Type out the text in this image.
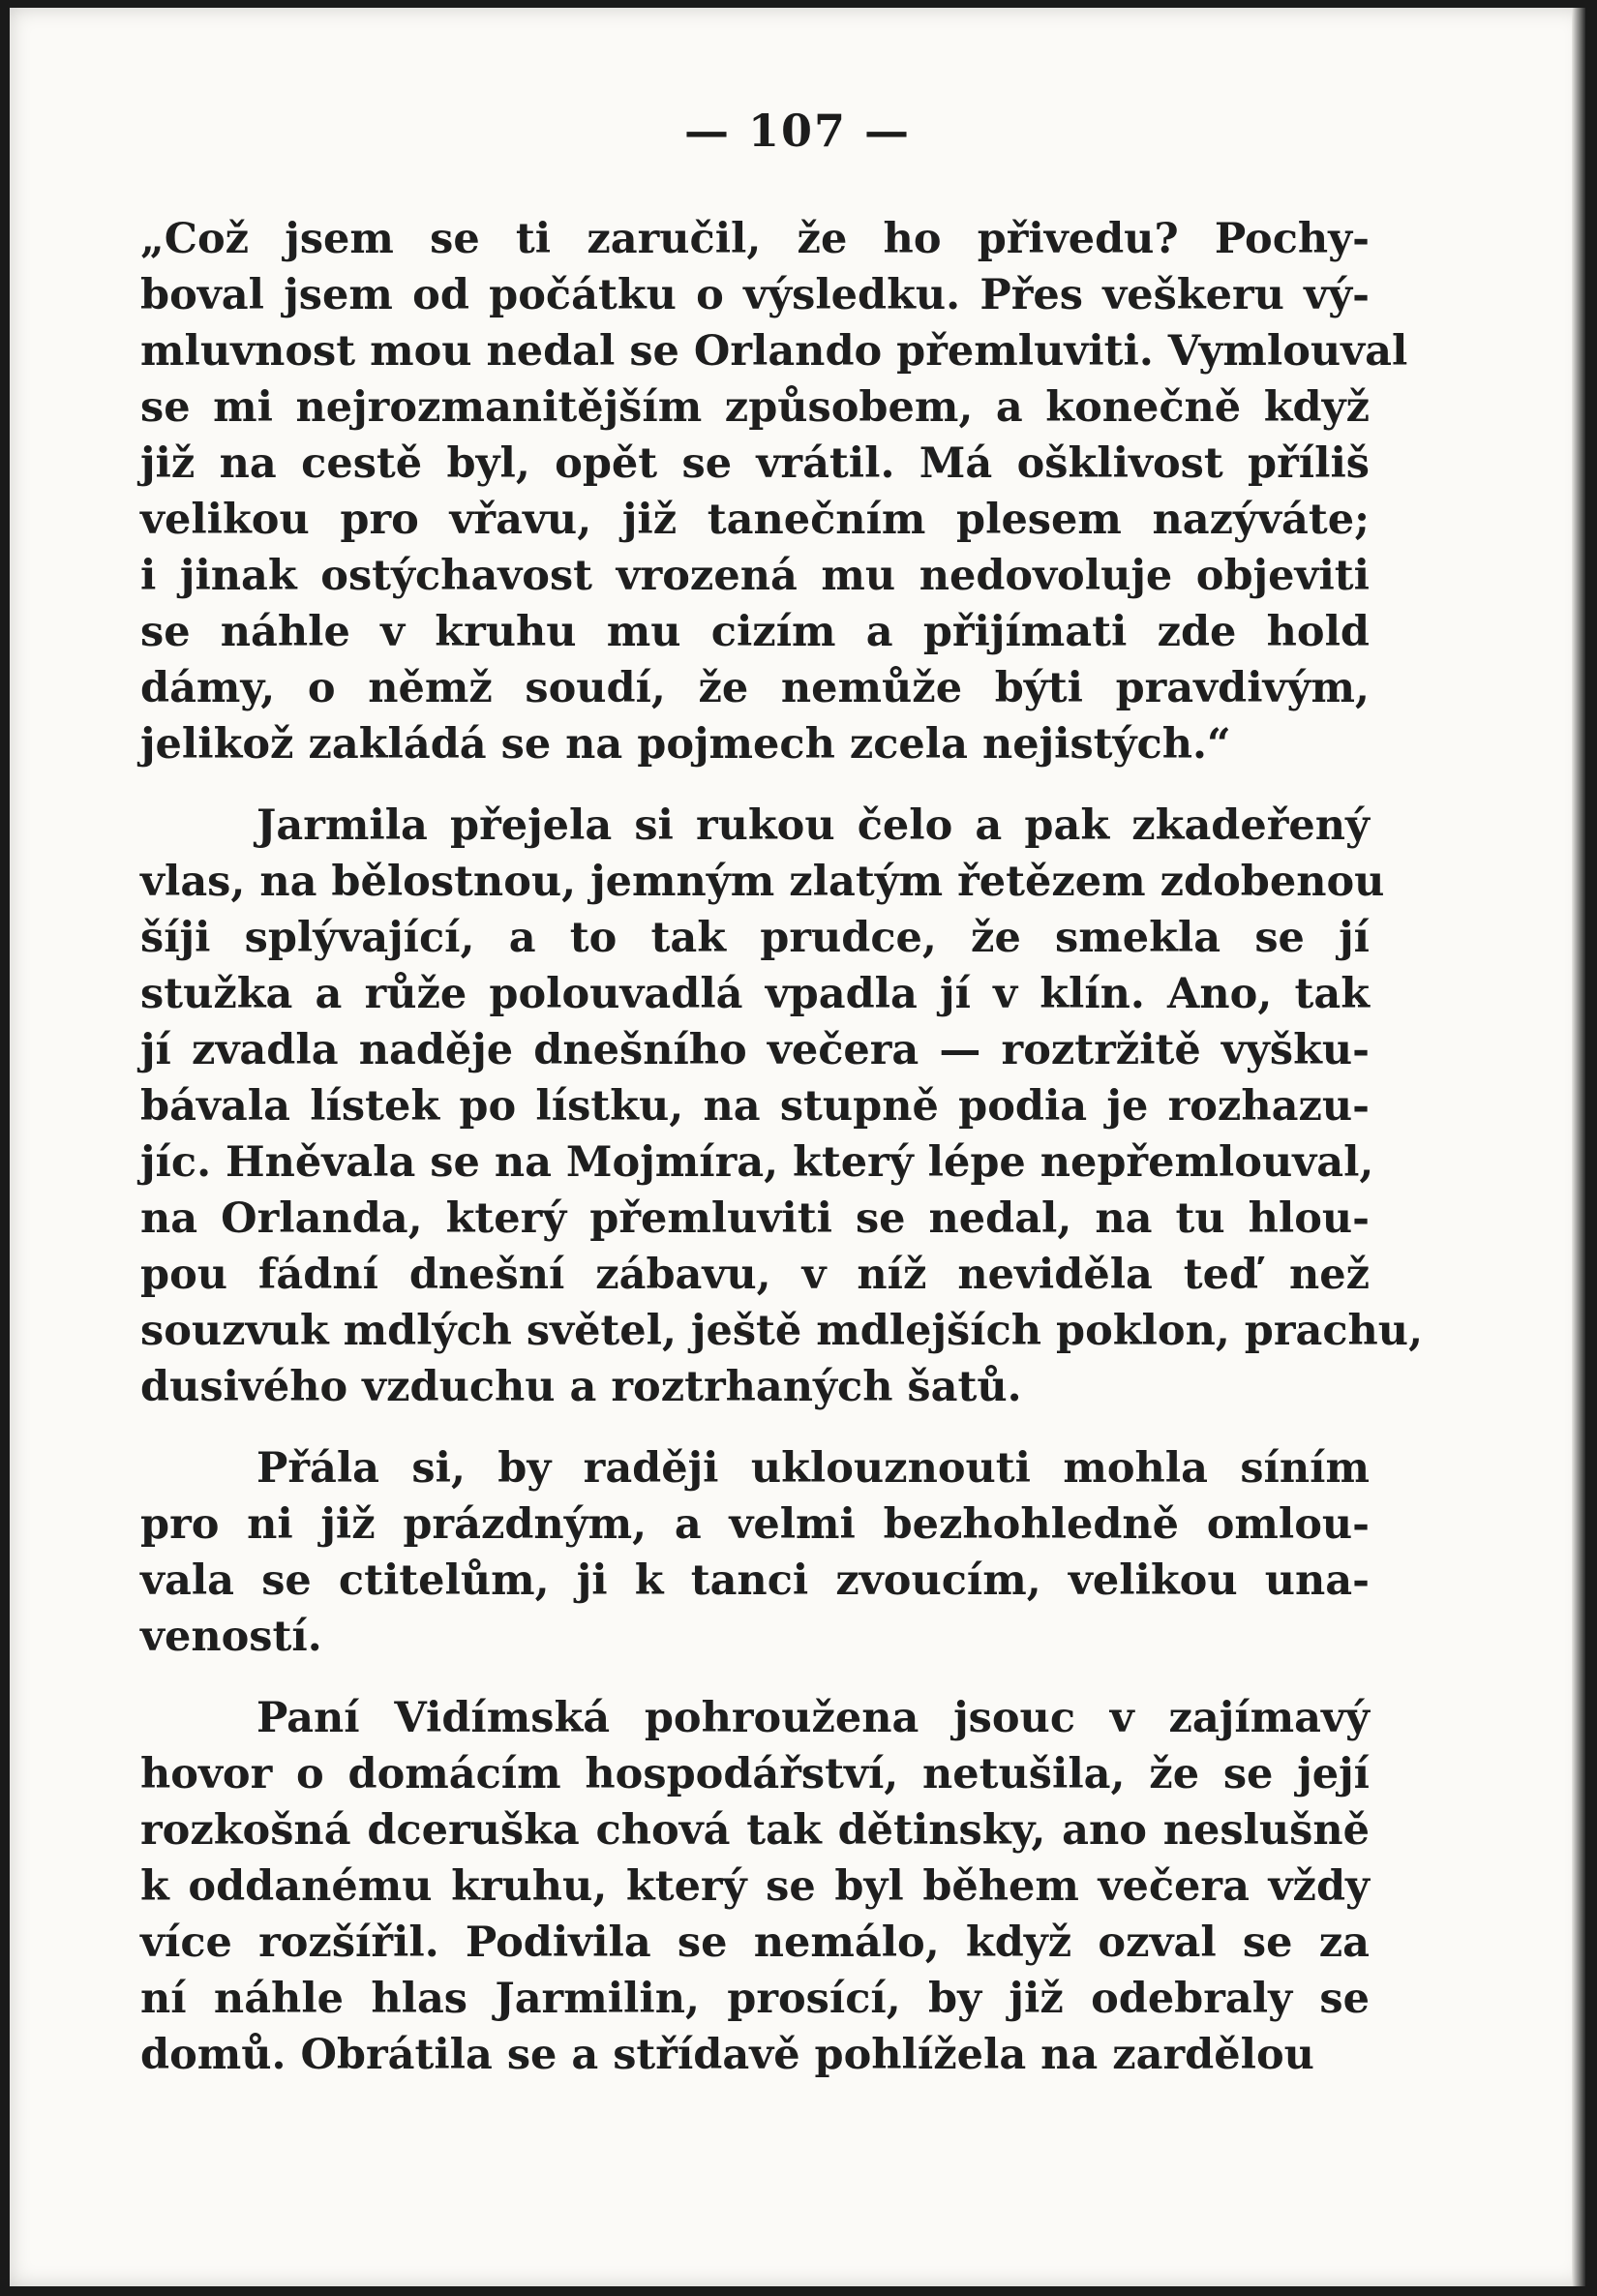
— 107 —
„Což jsem se ti zaručil, že ho přivedu? Pochy-
boval jsem od počátku o výsledku. Přes veškeru vý-
mluvnost mou nedal se Orlando přemluviti. Vymlouval
se mi nejrozmanitějším způsobem, a konečně když
již na cestě byl, opět se vrátil. Má ošklivost příliš
velikou pro vřavu, již tanečním plesem nazýváte;
i jinak ostýchavost vrozená mu nedovoluje objeviti
se náhle v kruhu mu cizím a přijímati zde hold
dámy, o němž soudí, že nemůže býti pravdivým,
jelikož zakládá se na pojmech zcela nejistých.“
Jarmila přejela si rukou čelo a pak zkadeřený
vlas, na bělostnou, jemným zlatým řetězem zdobenou
šíji splývající, a to tak prudce, že smekla se jí
stužka a růže polouvadlá vpadla jí v klín. Ano, tak
jí zvadla naděje dnešního večera — roztržitě vyšku-
bávala lístek po lístku, na stupně podia je rozhazu-
jíc. Hněvala se na Mojmíra, který lépe nepřemlouval,
na Orlanda, který přemluviti se nedal, na tu hlou-
pou fádní dnešní zábavu, v níž neviděla teď než
souzvuk mdlých světel, ještě mdlejších poklon, prachu,
dusivého vzduchu a roztrhaných šatů.
Přála si, by raději uklouznouti mohla síním
pro ni již prázdným, a velmi bezhohledně omlou-
vala se ctitelům, ji k tanci zvoucím, velikou una-
veností.
Paní Vidímská pohroužena jsouc v zajímavý
hovor o domácím hospodářství, netušila, že se její
rozkošná dceruška chová tak dětinsky, ano neslušně
k oddanému kruhu, který se byl během večera vždy
více rozšířil. Podivila se nemálo, když ozval se za
ní náhle hlas Jarmilin, prosící, by již odebraly se
domů. Obrátila se a střídavě pohlížela na zardělou
